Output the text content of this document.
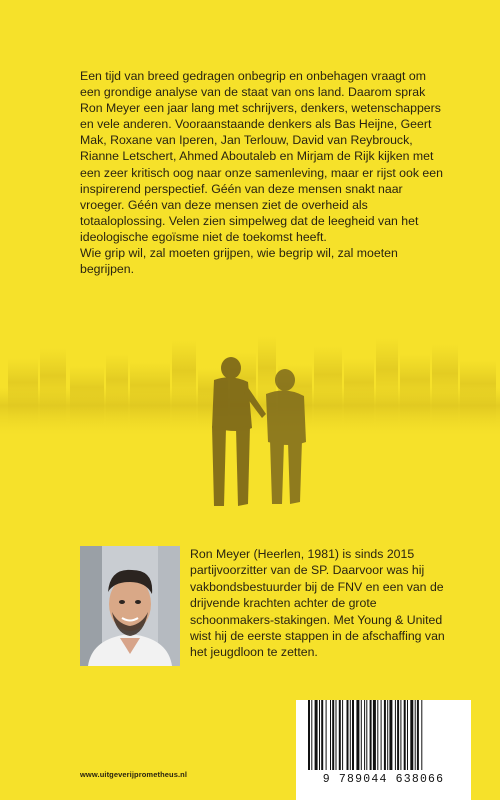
Een tijd van breed gedragen onbegrip en onbehagen vraagt om een grondige analyse van de staat van ons land. Daarom sprak Ron Meyer een jaar lang met schrijvers, denkers, wetenschappers en vele anderen. Vooraanstaande denkers als Bas Heijne, Geert Mak, Roxane van Iperen, Jan Terlouw, David van Reybrouck, Rianne Letschert, Ahmed Aboutaleb en Mirjam de Rijk kijken met een zeer kritisch oog naar onze samenleving, maar er rijst ook een inspirerend perspectief. Géén van deze mensen snakt naar vroeger. Géén van deze mensen ziet de overheid als totaaloplossing. Velen zien simpelweg dat de leegheid van het ideologische egoïsme niet de toekomst heeft.

Wie grip wil, zal moeten grijpen, wie begrip wil, zal moeten begrijpen.

Ron Meyer (Heerlen, 1981) is sinds 2015 partijvoorzitter van de SP. Daarvoor was hij vakbondsbestuurder bij de FNV en een van de drijvende krachten achter de grote schoonmakers-stakingen. Met Young & United wist hij de eerste stappen in de afschaffing van het jeugdloon te zetten.

www.uitgeverijprometheus.nl	9 789044 638066
